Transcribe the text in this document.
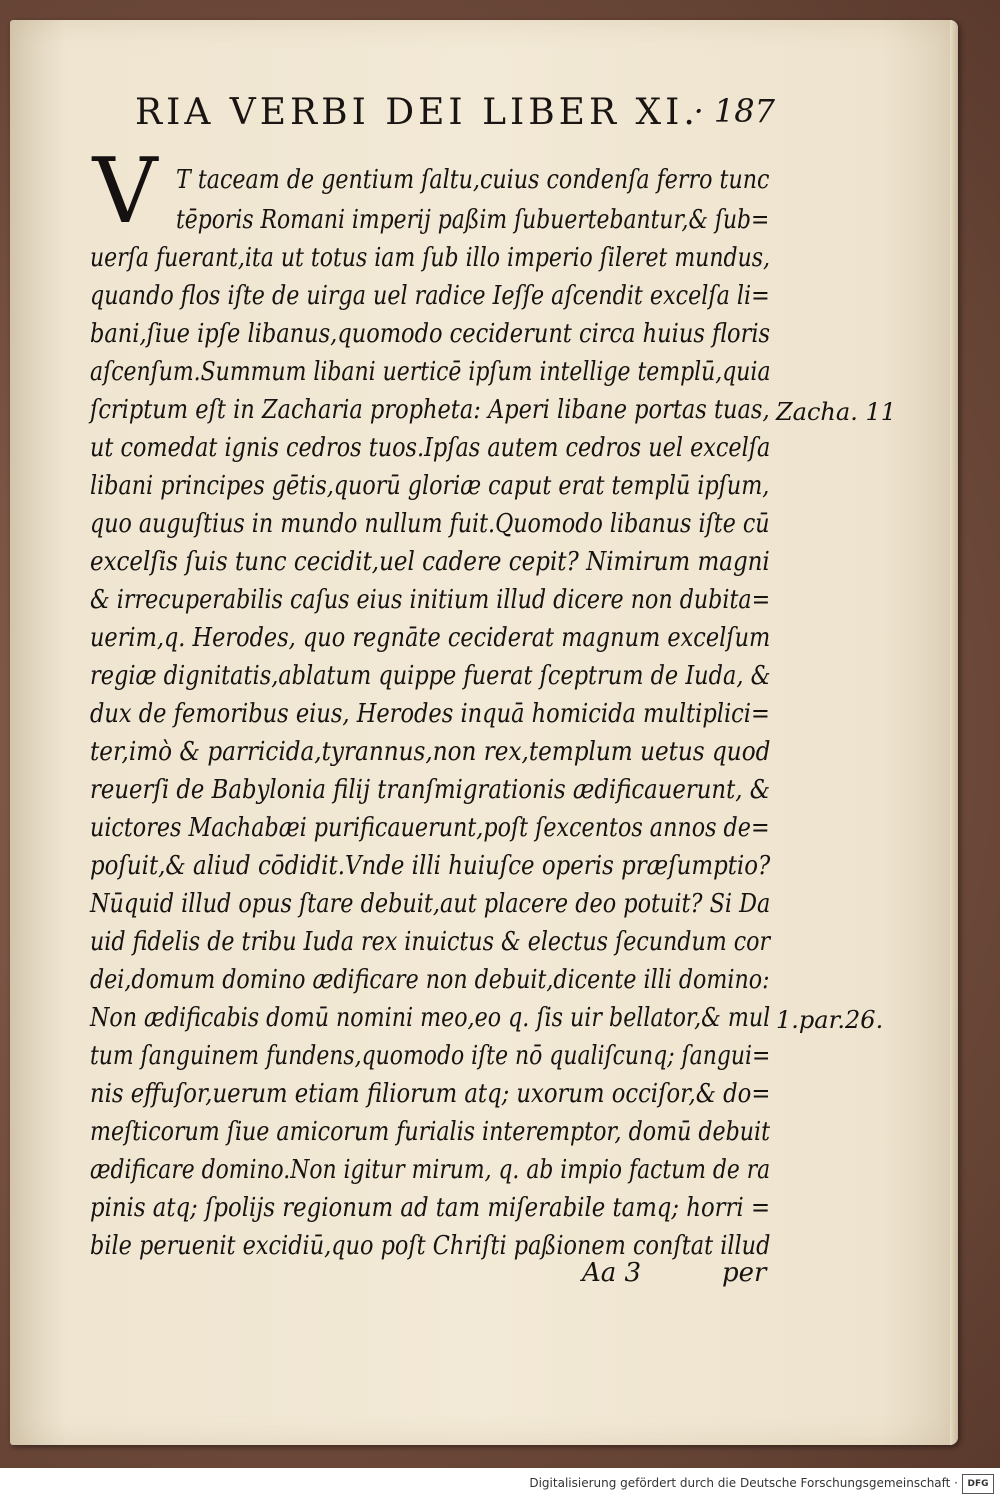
RIA VERBI DEI LIBER XI.
· 187
V T taceam de gentium ſaltu,cuius condenſa ferro tunc
tēporis Romani imperij paßim ſubuertebantur,& ſub=
uerſa fuerant,ita ut totus iam ſub illo imperio ſileret mundus,
quando flos iſte de uirga uel radice Ieſſe aſcendit excelſa li=
bani,ſiue ipſe libanus,quomodo ceciderunt circa huius floris
aſcenſum.Summum libani uerticē ipſum intellige templū,quia
ſcriptum eſt in Zacharia propheta: Aperi libane portas tuas,
ut comedat ignis cedros tuos.Ipſas autem cedros uel excelſa
libani principes gētis,quorū gloriæ caput erat templū ipſum,
quo auguſtius in mundo nullum fuit.Quomodo libanus iſte cū
excelſis ſuis tunc cecidit,uel cadere cepit? Nimirum magni
& irrecuperabilis caſus eius initium illud dicere non dubita=
uerim,q. Herodes, quo regnāte ceciderat magnum excelſum
regiæ dignitatis,ablatum quippe fuerat ſceptrum de Iuda, &
dux de femoribus eius, Herodes inquā homicida multiplici=
ter,imò & parricida,tyrannus,non rex,templum uetus quod
reuerſi de Babylonia filij tranſmigrationis ædificauerunt, &
uictores Machabæi purificauerunt,poſt ſexcentos annos de=
poſuit,& aliud cōdidit.Vnde illi huiuſce operis præſumptio?
Nūquid illud opus ſtare debuit,aut placere deo potuit? Si Da
uid fidelis de tribu Iuda rex inuictus & electus ſecundum cor
dei,domum domino ædificare non debuit,dicente illi domino:
Non ædificabis domū nomini meo,eo q. ſis uir bellator,& mul
tum ſanguinem fundens,quomodo iſte nō qualiſcunq; ſangui=
nis effuſor,uerum etiam filiorum atq; uxorum occiſor,& do=
meſticorum ſiue amicorum furialis interemptor, domū debuit
ædificare domino.Non igitur mirum, q. ab impio factum de ra
pinis atq; ſpolijs regionum ad tam miſerabile tamq; horri =
bile peruenit excidiū,quo poſt Chriſti paßionem conſtat illud
Zacha. 11
1.par.26.
Aa 3	per
Digitalisierung gefördert durch die Deutsche Forschungsgemeinschaft ·	DFG
